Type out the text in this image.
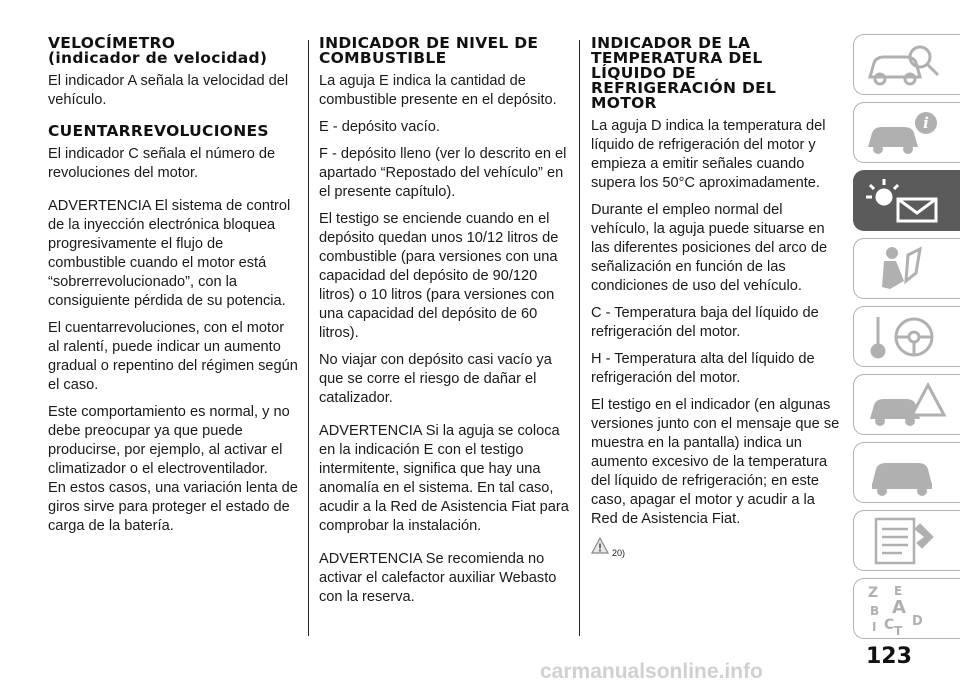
VELOCÍMETRO
(indicador de velocidad)

El indicador A señala la velocidad del vehículo.

CUENTARREVOLUCIONES

El indicador C señala el número de revoluciones del motor.

ADVERTENCIA El sistema de control de la inyección electrónica bloquea progresivamente el flujo de combustible cuando el motor está “sobrerrevolucionado”, con la consiguiente pérdida de su potencia.

El cuentarrevoluciones, con el motor al ralentí, puede indicar un aumento gradual o repentino del régimen según el caso.

Este comportamiento es normal, y no debe preocupar ya que puede producirse, por ejemplo, al activar el climatizador o el electroventilador.

En estos casos, una variación lenta de giros sirve para proteger el estado de carga de la batería.

INDICADOR DE NIVEL DE COMBUSTIBLE

La aguja E indica la cantidad de combustible presente en el depósito.

E - depósito vacío.

F - depósito lleno (ver lo descrito en el apartado “Repostado del vehículo” en el presente capítulo).

El testigo se enciende cuando en el depósito quedan unos 10/12 litros de combustible (para versiones con una capacidad del depósito de 90/120 litros) o 10 litros (para versiones con una capacidad del depósito de 60 litros).

No viajar con depósito casi vacío ya que se corre el riesgo de dañar el catalizador.

ADVERTENCIA Si la aguja se coloca en la indicación E con el testigo intermitente, significa que hay una anomalía en el sistema. En tal caso, acudir a la Red de Asistencia Fiat para comprobar la instalación.

ADVERTENCIA Se recomienda no activar el calefactor auxiliar Webasto con la reserva.

INDICADOR DE LA TEMPERATURA DEL LÍQUIDO DE REFRIGERACIÓN DEL MOTOR

La aguja D indica la temperatura del líquido de refrigeración del motor y empieza a emitir señales cuando supera los 50°C aproximadamente.

Durante el empleo normal del vehículo, la aguja puede situarse en las diferentes posiciones del arco de señalización en función de las condiciones de uso del vehículo.

C - Temperatura baja del líquido de refrigeración del motor.

H - Temperatura alta del líquido de refrigeración del motor.

El testigo en el indicador (en algunas versiones junto con el mensaje que se muestra en la pantalla) indica un aumento excesivo de la temperatura del líquido de refrigeración; en este caso, apagar el motor y acudir a la Red de Asistencia Fiat.

! 20)
i
Z E
B A
I C D
T
123
carmanualsonline.info
